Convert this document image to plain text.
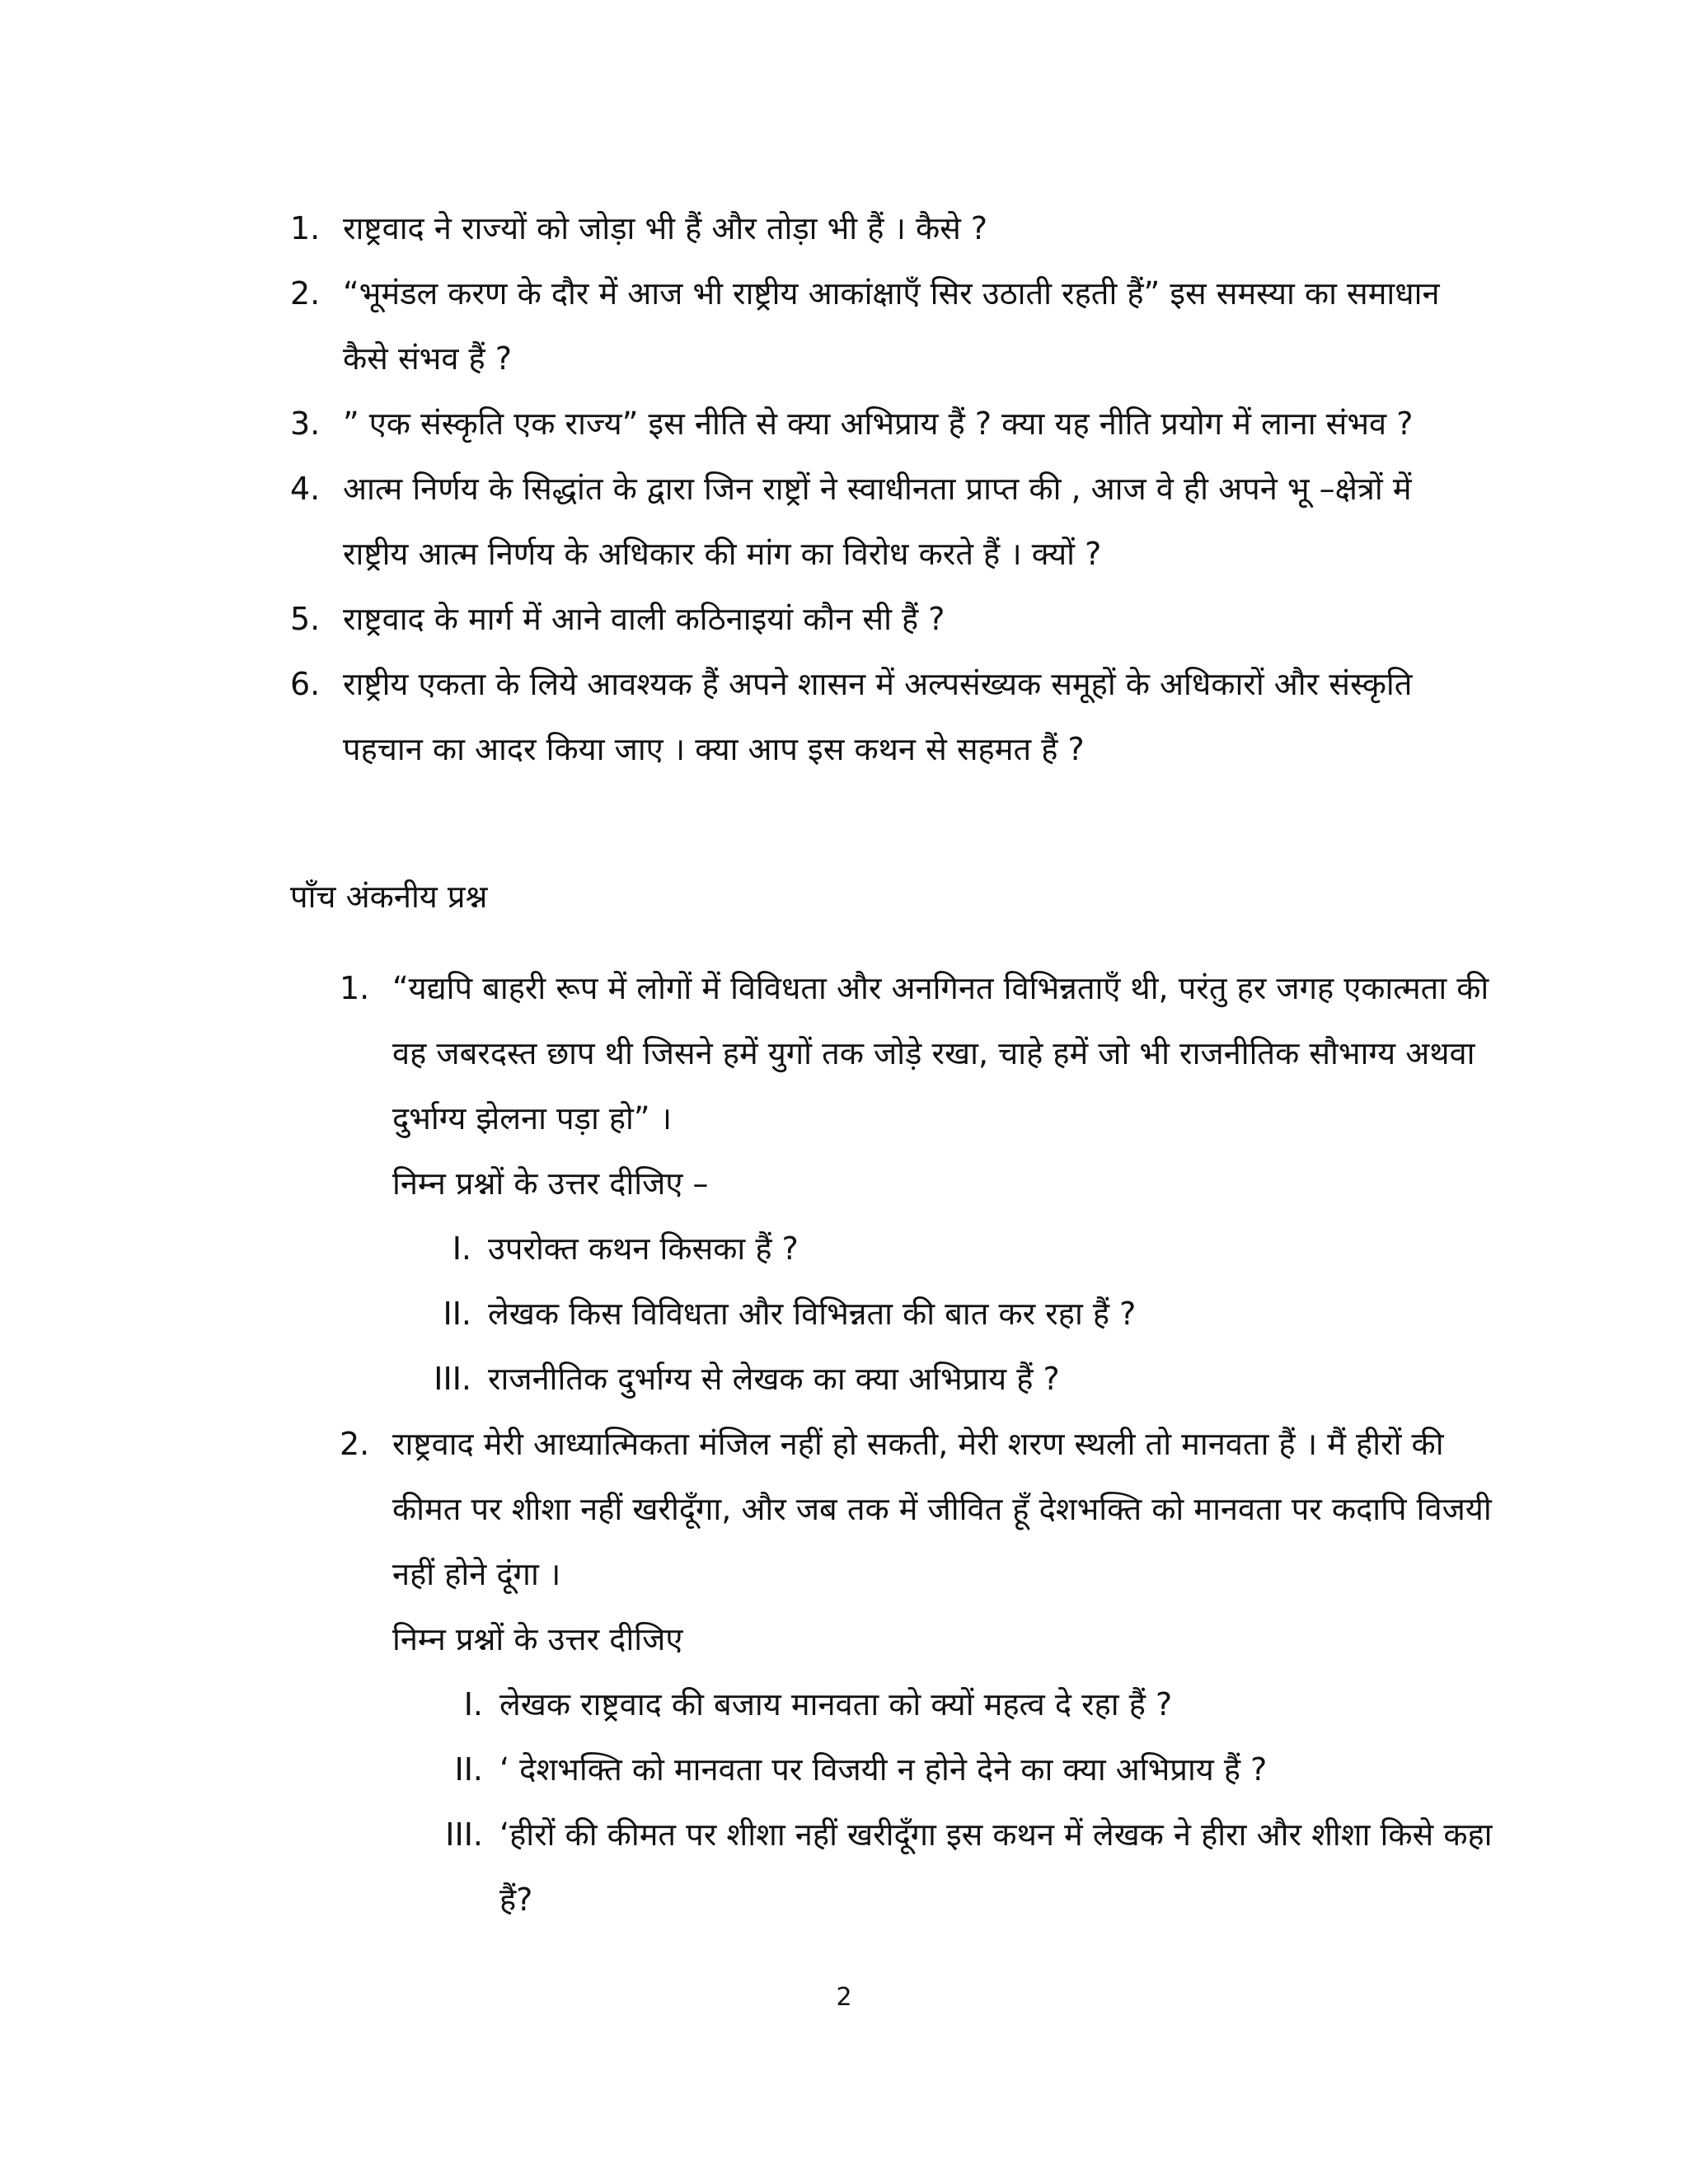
1. राष्ट्रवाद ने राज्यों को जोड़ा भी हैं और तोड़ा भी हैं । कैसे ?
2. “भूमंडल करण के दौर में आज भी राष्ट्रीय आकांक्षाएँ सिर उठाती रहती हैं” इस समस्या का समाधान कैसे संभव हैं ?
3. ” एक संस्कृति एक राज्य” इस नीति से क्या अभिप्राय हैं ? क्या यह नीति प्रयोग में लाना संभव ?
4. आत्म निर्णय के सिद्धांत के द्वारा जिन राष्ट्रों ने स्वाधीनता प्राप्त की , आज वे ही अपने भू –क्षेत्रों में राष्ट्रीय आत्म निर्णय के अधिकार की मांग का विरोध करते हैं । क्यों ?
5. राष्ट्रवाद के मार्ग में आने वाली कठिनाइयां कौन सी हैं ?
6. राष्ट्रीय एकता के लिये आवश्यक हैं अपने शासन में अल्पसंख्यक समूहों के अधिकारों और संस्कृति पहचान का आदर किया जाए । क्या आप इस कथन से सहमत हैं ?
पाँच अंकनीय प्रश्न
1. “यद्यपि बाहरी रूप में लोगों में विविधता और अनगिनत विभिन्नताएँ थी, परंतु हर जगह एकात्मता की वह जबरदस्त छाप थी जिसने हमें युगों तक जोड़े रखा, चाहे हमें जो भी राजनीतिक सौभाग्य अथवा दुर्भाग्य झेलना पड़ा हो” ।
निम्न प्रश्नों के उत्तर दीजिए –
I. उपरोक्त कथन किसका हैं ?
II. लेखक किस विविधता और विभिन्नता की बात कर रहा हैं ?
III. राजनीतिक दुर्भाग्य से लेखक का क्या अभिप्राय हैं ?
2. राष्ट्रवाद मेरी आध्यात्मिकता मंजिल नहीं हो सकती, मेरी शरण स्थली तो मानवता हैं । मैं हीरों की कीमत पर शीशा नहीं खरीदूँगा, और जब तक में जीवित हूँ देशभक्ति को मानवता पर कदापि विजयी नहीं होने दूंगा ।
निम्न प्रश्नों के उत्तर दीजिए
I. लेखक राष्ट्रवाद की बजाय मानवता को क्यों महत्व दे रहा हैं ?
II. ‘ देशभक्ति को मानवता पर विजयी न होने देने का क्या अभिप्राय हैं ?
III. ‘हीरों की कीमत पर शीशा नहीं खरीदूँगा इस कथन में लेखक ने हीरा और शीशा किसे कहा हैं?
2
